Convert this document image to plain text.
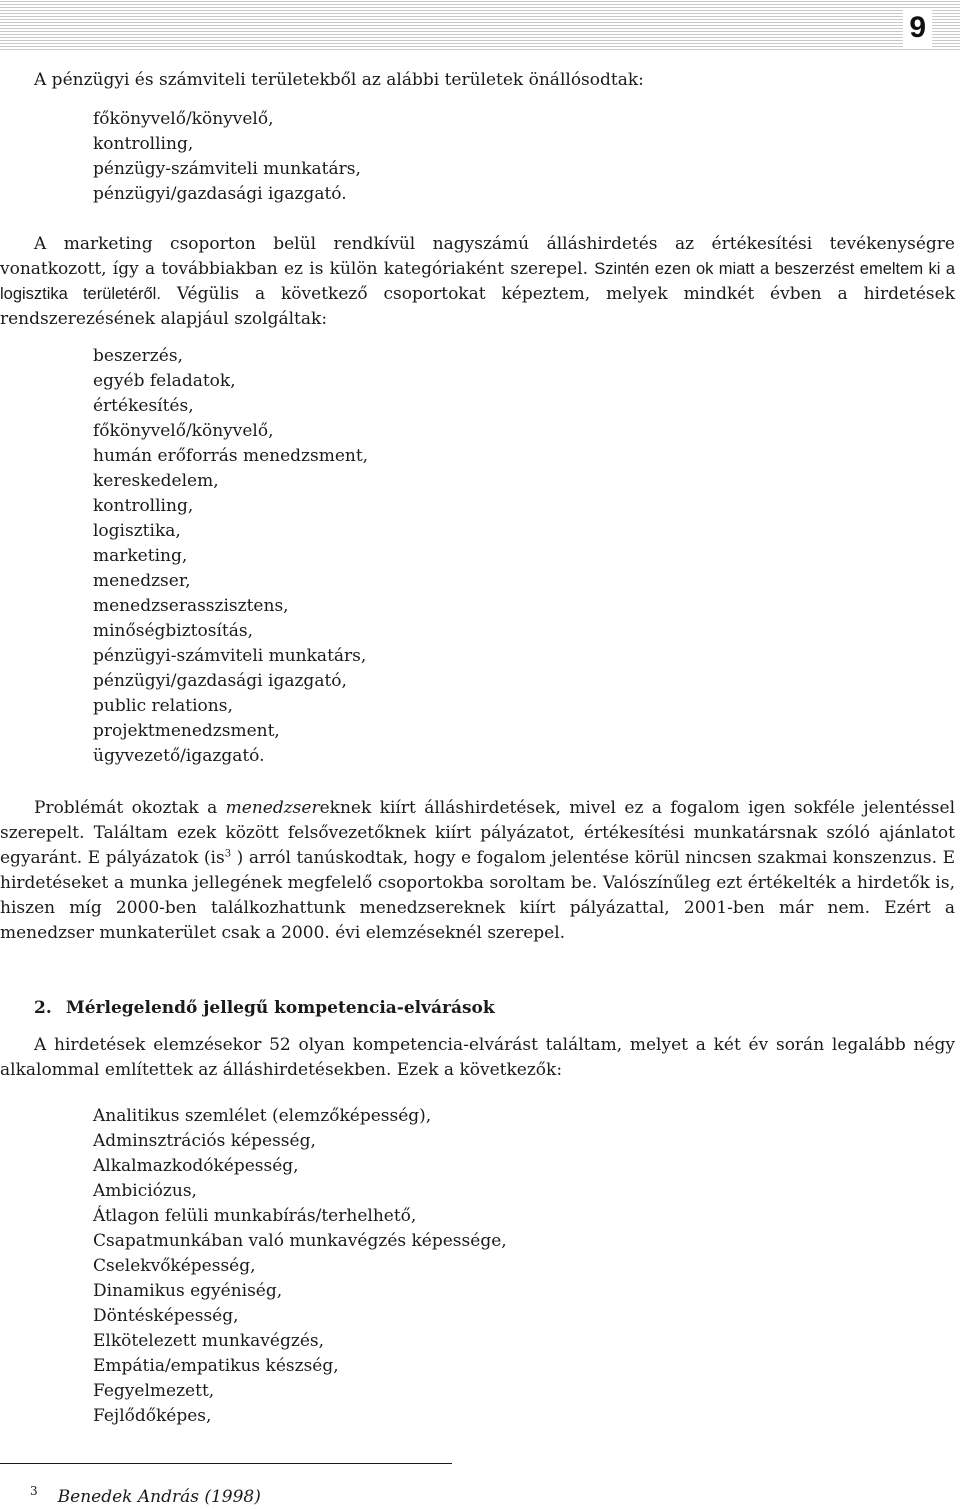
9

A pénzügyi és számviteli területekből az alábbi területek önállósodtak:

főkönyvelő/könyvelő,
kontrolling,
pénzügy-számviteli munkatárs,
pénzügyi/gazdasági igazgató.

A marketing csoporton belül rendkívül nagyszámú álláshirdetés az értékesítési tevékenységre vonatkozott, így a továbbiakban ez is külön kategóriaként szerepel. Szintén ezen ok miatt a beszerzést emeltem ki a logisztika területéről. Végülis a következő csoportokat képeztem, melyek mindkét évben a hirdetések rendszerezésének alapjául szolgáltak:

beszerzés,
egyéb feladatok,
értékesítés,
főkönyvelő/könyvelő,
humán erőforrás menedzsment,
kereskedelem,
kontrolling,
logisztika,
marketing,
menedzser,
menedzserasszisztens,
minőségbiztosítás,
pénzügyi-számviteli munkatárs,
pénzügyi/gazdasági igazgató,
public relations,
projektmenedzsment,
ügyvezető/igazgató.

Problémát okoztak a menedzsereknek kiírt álláshirdetések, mivel ez a fogalom igen sokféle jelentéssel szerepelt. Találtam ezek között felsővezetőknek kiírt pályázatot, értékesítési munkatársnak szóló ajánlatot egyaránt. E pályázatok ($is^3$ ) arról tanúskodtak, hogy e fogalom jelentése körül nincsen szakmai konszenzus. E hirdetéseket a munka jellegének megfelelő csoportokba soroltam be. Valószínűleg ezt értékelték a hirdetők is, hiszen míg 2000-ben találkozhattunk menedzsereknek kiírt pályázattal, 2001-ben már nem. Ezért a menedzser munkaterület csak a 2000. évi elemzéseknél szerepel.

2. Mérlegelendő jellegű kompetencia-elvárások

A hirdetések elemzésekor 52 olyan kompetencia-elvárást találtam, melyet a két év során legalább négy alkalommal említettek az álláshirdetésekben. Ezek a következők:

Analitikus szemlélet (elemzőképesség),
Adminsztrációs képesség,
Alkalmazkodóképesség,
Ambiciózus,
Átlagon felüli munkabírás/terhelhető,
Csapatmunkában való munkavégzés képessége,
Cselekvőképesség,
Dinamikus egyéniség,
Döntésképesség,
Elkötelezett munkavégzés,
Empátia/empatikus készség,
Fegyelmezett,
Fejlődőképes,
$^3$ Benedek András (1998)
